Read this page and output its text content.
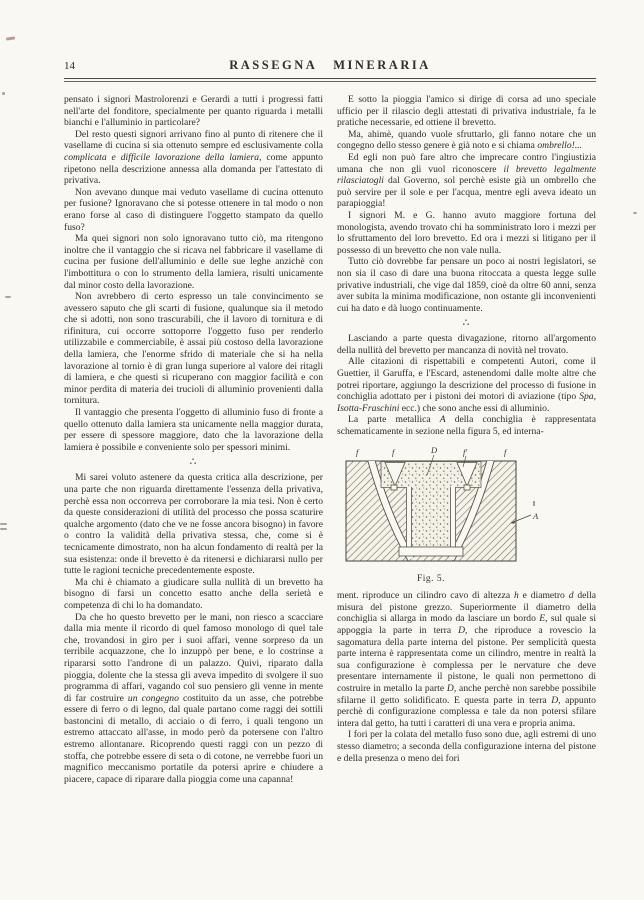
14	RASSEGNA MINERARIA

pensato i signori Mastrolorenzi e Gerardi a tutti i progressi fatti nell'arte del fonditore, specialmente per quanto riguarda i metalli bianchi e l'alluminio in particolare?

Del resto questi signori arrivano fino al punto di ritenere che il vasellame di cucina si sia ottenuto sempre ed esclusivamente colla complicata e difficile lavorazione della lamiera, come appunto ripetono nella descrizione annessa alla domanda per l'attestato di privativa.

Non avevano dunque mai veduto vasellame di cucina ottenuto per fusione? Ignoravano che si potesse ottenere in tal modo o non erano forse al caso di distinguere l'oggetto stampato da quello fuso?

Ma quei signori non solo ignoravano tutto ciò, ma ritengono inoltre che il vantaggio che si ricava nel fabbricare il vasellame di cucina per fusione dell'alluminio e delle sue leghe anzichè con l'imbottitura o con lo strumento della lamiera, risulti unicamente dal minor costo della lavorazione.

Non avrebbero di certo espresso un tale convincimento se avessero saputo che gli scarti di fusione, qualunque sia il metodo che si adotti, non sono trascurabili, che il lavoro di tornitura e di rifinitura, cui occorre sottoporre l'oggetto fuso per renderlo utilizzabile e commerciabile, è assai più costoso della lavorazione della lamiera, che l'enorme sfrido di materiale che si ha nella lavorazione al tornio è di gran lunga superiore al valore dei ritagli di lamiera, e che questi si ricuperano con maggior facilità e con minor perdita di materia dei trucioli di alluminio provenienti dalla tornitura.

Il vantaggio che presenta l'oggetto di alluminio fuso di fronte a quello ottenuto dalla lamiera sta unicamente nella maggior durata, per essere di spessore maggiore, dato che la lavorazione della lamiera è possibile e conveniente solo per spessori minimi.

∴

Mi sarei voluto astenere da questa critica alla descrizione, per una parte che non riguarda direttamente l'essenza della privativa, perchè essa non occorreva per corroborare la mia tesi. Non è certo da queste considerazioni di utilità del processo che possa scaturire qualche argomento (dato che ve ne fosse ancora bisogno) in favore o contro la validità della privativa stessa, che, come si è tecnicamente dimostrato, non ha alcun fondamento di realtà per la sua esistenza: onde il brevetto è da ritenersi e dichiararsi nullo per tutte le ragioni tecniche precedentemente esposte.

Ma chi è chiamato a giudicare sulla nullità di un brevetto ha bisogno di farsi un concetto esatto anche della serietà e competenza di chi lo ha domandato.

Da che ho questo brevetto per le mani, non riesco a scacciare dalla mia mente il ricordo di quel famoso monologo di quel tale che, trovandosi in giro per i suoi affari, venne sorpreso da un terribile acquazzone, che lo inzuppò per bene, e lo costrinse a ripararsi sotto l'androne di un palazzo. Quivi, riparato dalla pioggia, dolente che la stessa gli aveva impedito di svolgere il suo programma di affari, vagando col suo pensiero gli venne in mente di far costruire un congegno costituito da un asse, che potrebbe essere di ferro o di legno, dal quale partano come raggi dei sottili bastoncini di metallo, di acciaio o di ferro, i quali tengono un estremo attaccato all'asse, in modo però da potersene con l'altro estremo allontanare. Ricoprendo questi raggi con un pezzo di stoffa, che potrebbe essere di seta o di cotone, ne verrebbe fuori un magnifico meccanismo portatile da potersi aprire e chiudere a piacere, capace di riparare dalla pioggia come una capanna!

E sotto la pioggia l'amico si dirige di corsa ad uno speciale ufficio per il rilascio degli attestati di privativa industriale, fa le pratiche necessarie, ed ottiene il brevetto.

Ma, ahimè, quando vuole sfruttarlo, gli fanno notare che un congegno dello stesso genere è già noto e si chiama ombrello!...

Ed egli non può fare altro che imprecare contro l'ingiustizia umana che non gli vuol riconoscere il brevetto legalmente rilasciatogli dal Governo, sol perchè esiste già un ombrello che può servire per il sole e per l'acqua, mentre egli aveva ideato un parapioggia!

I signori M. e G. hanno avuto maggiore fortuna del monologista, avendo trovato chi ha somministrato loro i mezzi per lo sfruttamento del loro brevetto. Ed ora i mezzi si litigano per il possesso di un brevetto che non vale nulla.

Tutto ciò dovrebbe far pensare un poco ai nostri legislatori, se non sia il caso di dare una buona ritoccata a questa legge sulle privative industriali, che vige dal 1859, cioè da oltre 60 anni, senza aver subita la minima modificazione, non ostante gli inconvenienti cui ha dato e dà luogo continuamente.

∴

Lasciando a parte questa divagazione, ritorno all'argomento della nullità del brevetto per mancanza di novità nel trovato.

Alle citazioni di rispettabili e competenti Autori, come il Guettier, il Garuffa, e l'Escard, astenendomi dalle molte altre che potrei riportare, aggiungo la descrizione del processo di fusione in conchiglia adottato per i pistoni dei motori di aviazione (tipo Spa, Isotta-Fraschini ecc.) che sono anche essi di alluminio.

La parte metallica A della conchiglia è rappresentata schematicamente in sezione nella figura 5, ed interna-

f	f	D	f′	f
A
Fig. 5.

ment. riproduce un cilindro cavo di altezza h e diametro d della misura del pistone grezzo. Superiormente il diametro della conchiglia si allarga in modo da lasciare un bordo E, sul quale si appoggia la parte in terra D, che riproduce a rovescio la sagomatura della parte interna del pistone. Per semplicità questa parte interna è rappresentata come un cilindro, mentre in realtà la sua configurazione è complessa per le nervature che deve presentare internamente il pistone, le quali non permettono di costruire in metallo la parte D, anche perchè non sarebbe possibile sfilarne il getto solidificato. E questa parte in terra D, appunto perchè di configurazione complessa e tale da non potersi sfilare intera dal getto, ha tutti i caratteri di una vera e propria anima.

I fori per la colata del metallo fuso sono due, agli estremi di uno stesso diametro; a seconda della configurazione interna del pistone e della presenza o meno dei fori
